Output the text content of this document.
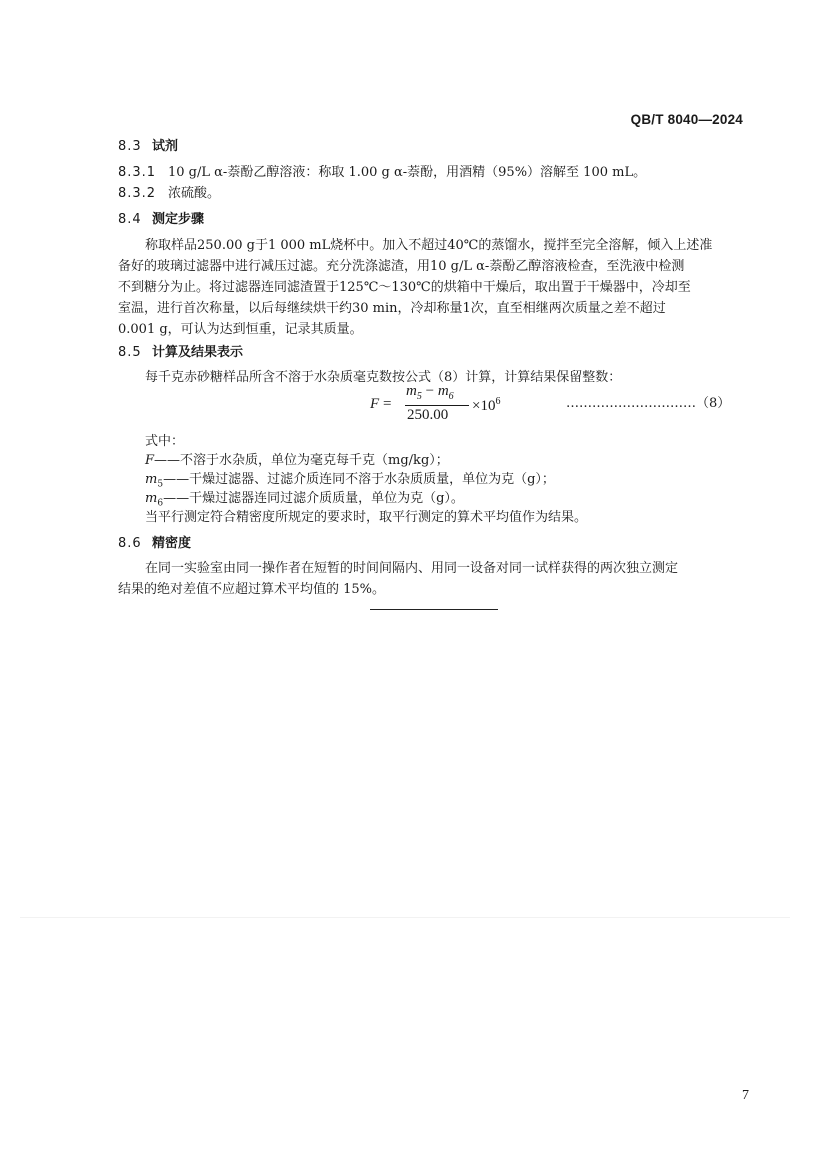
QB/T 8040—2024
8.3 试剂
8.3.1 10 g/L α-萘酚乙醇溶液：称取 1.00 g α-萘酚，用酒精（95%）溶解至 100 mL。
8.3.2 浓硫酸。
8.4 测定步骤
称取样品250.00 g于1 000 mL烧杯中。加入不超过40℃的蒸馏水，搅拌至完全溶解，倾入上述准
备好的玻璃过滤器中进行减压过滤。充分洗涤滤渣，用10 g/L α-萘酚乙醇溶液检查，至洗液中检测
不到糖分为止。将过滤器连同滤渣置于125℃～130℃的烘箱中干燥后，取出置于干燥器中，冷却至
室温，进行首次称量，以后每继续烘干约30 min，冷却称量1次，直至相继两次质量之差不超过
0.001 g，可认为达到恒重，记录其质量。
8.5 计算及结果表示
每千克赤砂糖样品所含不溶于水杂质毫克数按公式（8）计算，计算结果保留整数：
F =
$m_5 - m_6$
250.00
$\times 10^6$	…………………………（8）
式中：
F——不溶于水杂质，单位为毫克每千克（mg/kg）；
$m_5——$干燥过滤器、过滤介质连同不溶于水杂质质量，单位为克（g）；
$m_6——$干燥过滤器连同过滤介质质量，单位为克（g）。
当平行测定符合精密度所规定的要求时，取平行测定的算术平均值作为结果。
8.6 精密度
在同一实验室由同一操作者在短暂的时间间隔内、用同一设备对同一试样获得的两次独立测定
结果的绝对差值不应超过算术平均值的 15%。
7
